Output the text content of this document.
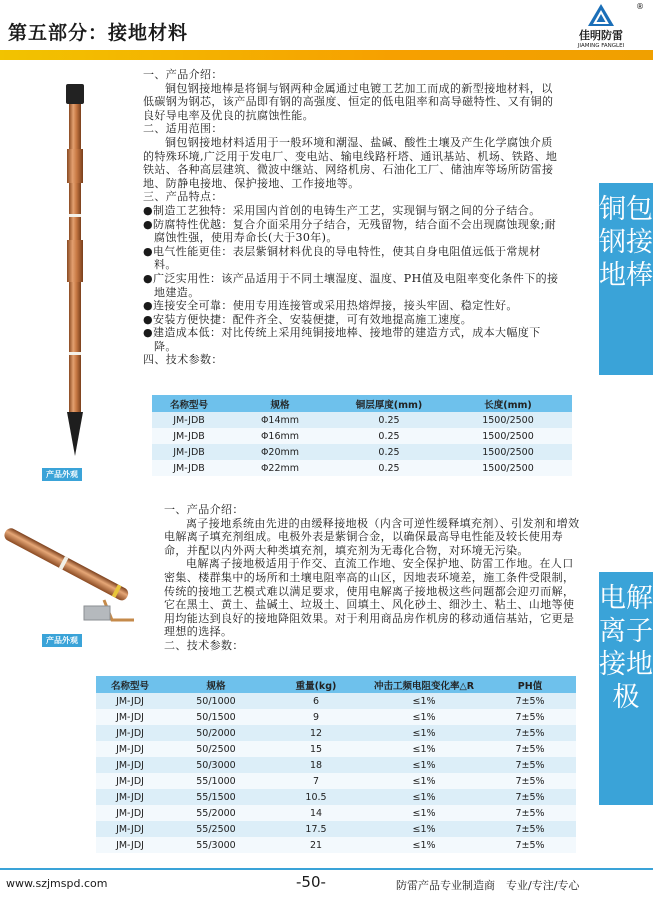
第五部分：接地材料	佳明防雷
JIAMING FANGLEI
®
产品外观

一、产品介绍：

铜包钢接地棒是将铜与钢两种金属通过电镀工艺加工而成的新型接地材料，以低碳钢为钢芯，该产品即有钢的高强度、恒定的低电阻率和高导磁特性、又有铜的良好导电率及优良的抗腐蚀性能。

二、适用范围：

铜包钢接地材料适用于一般环境和潮湿、盐碱、酸性土壤及产生化学腐蚀介质的特殊环境,广泛用于发电厂、变电站、输电线路杆塔、通讯基站、机场、铁路、地铁站、各种高层建筑、微波中继站、网络机房、石油化工厂、储油库等场所防雷接地、防静电接地、保护接地、工作接地等。

三、产品特点：

●制造工艺独特：采用国内首创的电铸生产工艺，实现铜与钢之间的分子结合。

●防腐特性优越：复合介面采用分子结合，无残留物，结合面不会出现腐蚀现象;耐腐蚀性强，使用寿命长(大于30年)。

●电气性能更佳：表层紫铜材料优良的导电特性，使其自身电阻值远低于常规材料。

●广泛实用性：该产品适用于不同土壤湿度、温度、PH值及电阻率变化条件下的接地建造。

●连接安全可靠：使用专用连接管或采用热熔焊接，接头牢固、稳定性好。

●安装方便快捷：配件齐全、安装便捷，可有效地提高施工速度。

●建造成本低：对比传统上采用纯铜接地棒、接地带的建造方式，成本大幅度下降。

四、技术参数：

名称型号	规格	铜层厚度(mm)	长度(mm)
JM-JDB	Φ14mm	0.25	1500/2500
JM-JDB	Φ16mm	0.25	1500/2500
JM-JDB	Φ20mm	0.25	1500/2500
JM-JDB	Φ22mm	0.25	1500/2500
铜包钢接地棒
产品外观

一、产品介绍：

离子接地系统由先进的由缓释接地极（内含可逆性缓释填充剂）、引发剂和增效电解离子填充剂组成。电极外表是紫铜合金，以确保最高导电性能及较长使用寿命，并配以内外两大种类填充剂，填充剂为无毒化合物，对环境无污染。

电解离子接地极适用于作交、直流工作地、安全保护地、防雷工作地。在人口密集、楼群集中的场所和土壤电阻率高的山区，因地表环境差，施工条件受限制，传统的接地工艺模式难以满足要求，使用电解离子接地极这些问题都会迎刃而解，它在黑土、黄土、盐碱土、垃圾土、回填土、风化砂土、细沙土、粘土、山地等使用均能达到良好的接地降阻效果。对于利用商品房作机房的移动通信基站，它更是理想的选择。

二、技术参数：

名称型号	规格	重量(kg)	冲击工频电阻变化率△R	PH值
JM-JDJ	50/1000	6	≤1%	7±5%
JM-JDJ	50/1500	9	≤1%	7±5%
JM-JDJ	50/2000	12	≤1%	7±5%
JM-JDJ	50/2500	15	≤1%	7±5%
JM-JDJ	50/3000	18	≤1%	7±5%
JM-JDJ	55/1000	7	≤1%	7±5%
JM-JDJ	55/1500	10.5	≤1%	7±5%
JM-JDJ	55/2000	14	≤1%	7±5%
JM-JDJ	55/2500	17.5	≤1%	7±5%
JM-JDJ	55/3000	21	≤1%	7±5%
电解离子接地极
www.szjmspd.com	-50-	防雷产品专业制造商　专业/专注/专心
